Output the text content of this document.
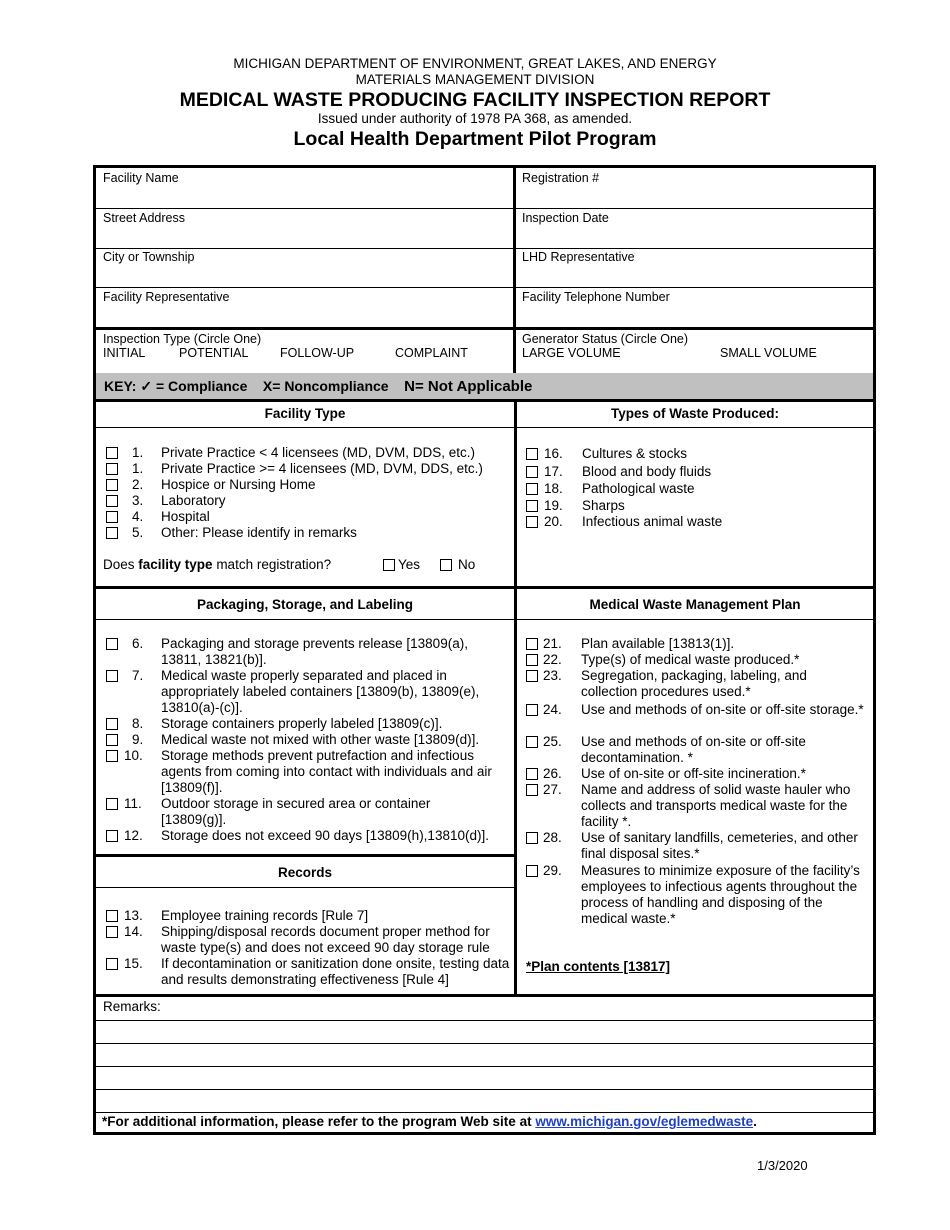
MICHIGAN DEPARTMENT OF ENVIRONMENT, GREAT LAKES, AND ENERGY
MATERIALS MANAGEMENT DIVISION
MEDICAL WASTE PRODUCING FACILITY INSPECTION REPORT
Issued under authority of 1978 PA 368, as amended.
Local Health Department Pilot Program
Facility Name	Registration #
Street Address	Inspection Date
City or Township	LHD Representative
Facility Representative	Facility Telephone Number
Inspection Type (Circle One)
INITIAL	POTENTIAL	FOLLOW-UP	COMPLAINT
Generator Status (Circle One)
LARGE VOLUME	SMALL VOLUME
KEY: ✓ = Compliance X= Noncompliance N= Not Applicable
Facility Type
1. Private Practice < 4 licensees (MD, DVM, DDS, etc.)
1. Private Practice >= 4 licensees (MD, DVM, DDS, etc.)
2. Hospice or Nursing Home
3. Laboratory
4. Hospital
5. Other: Please identify in remarks
Does facility type match registration?	Yes	No
Types of Waste Produced:
16. Cultures & stocks
17. Blood and body fluids
18. Pathological waste
19. Sharps
20. Infectious animal waste
Packaging, Storage, and Labeling
6. Packaging and storage prevents release [13809(a), 13811, 13821(b)].
7. Medical waste properly separated and placed in appropriately labeled containers [13809(b), 13809(e), 13810(a)-(c)].
8. Storage containers properly labeled [13809(c)].
9. Medical waste not mixed with other waste [13809(d)].
10. Storage methods prevent putrefaction and infectious agents from coming into contact with individuals and air [13809(f)].
11. Outdoor storage in secured area or container [13809(g)].
12. Storage does not exceed 90 days [13809(h),13810(d)].
Records
13. Employee training records [Rule 7]
14. Shipping/disposal records document proper method for waste type(s) and does not exceed 90 day storage rule
15. If decontamination or sanitization done onsite, testing data and results demonstrating effectiveness [Rule 4]
Medical Waste Management Plan
21. Plan available [13813(1)].
22. Type(s) of medical waste produced.*
23. Segregation, packaging, labeling, and collection procedures used.*
24. Use and methods of on-site or off-site storage.*
25. Use and methods of on-site or off-site decontamination. *
26. Use of on-site or off-site incineration.*
27. Name and address of solid waste hauler who collects and transports medical waste for the facility *.
28. Use of sanitary landfills, cemeteries, and other final disposal sites.*
29. Measures to minimize exposure of the facility’s employees to infectious agents throughout the process of handling and disposing of the medical waste.*
*Plan contents [13817]
Remarks:
*For additional information, please refer to the program Web site at www.michigan.gov/eglemedwaste.
1/3/2020
